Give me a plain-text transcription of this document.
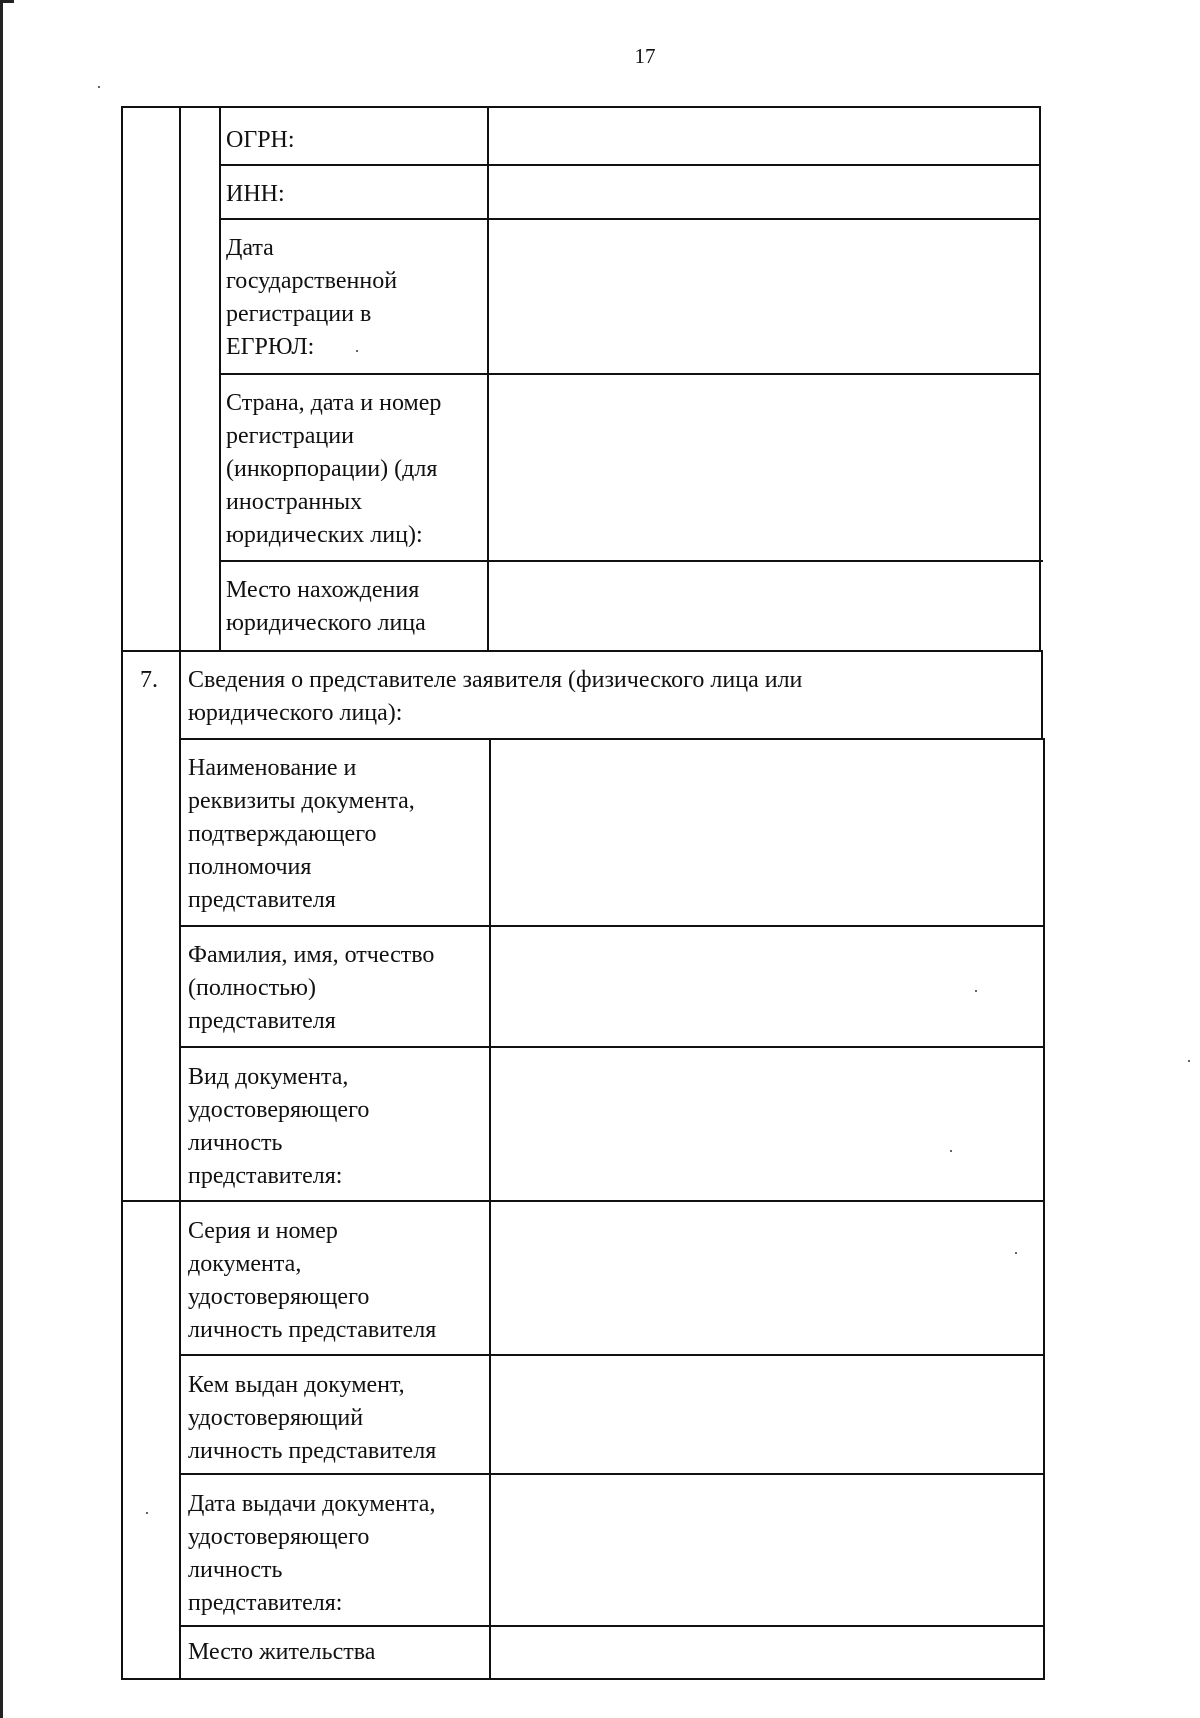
17
ОГРН:
ИНН:
Дата
государственной
регистрации в
ЕГРЮЛ:
Страна, дата и номер
регистрации
(инкорпорации) (для
иностранных
юридических лиц):
Место нахождения
юридического лица
7.	Сведения о представителе заявителя (физического лица или
юридического лица):
Наименование и
реквизиты документа,
подтверждающего
полномочия
представителя
Фамилия, имя, отчество
(полностью)
представителя
Вид документа,
удостоверяющего
личность
представителя:
Серия и номер
документа,
удостоверяющего
личность представителя
Кем выдан документ,
удостоверяющий
личность представителя
Дата выдачи документа,
удостоверяющего
личность
представителя:
Место жительства
